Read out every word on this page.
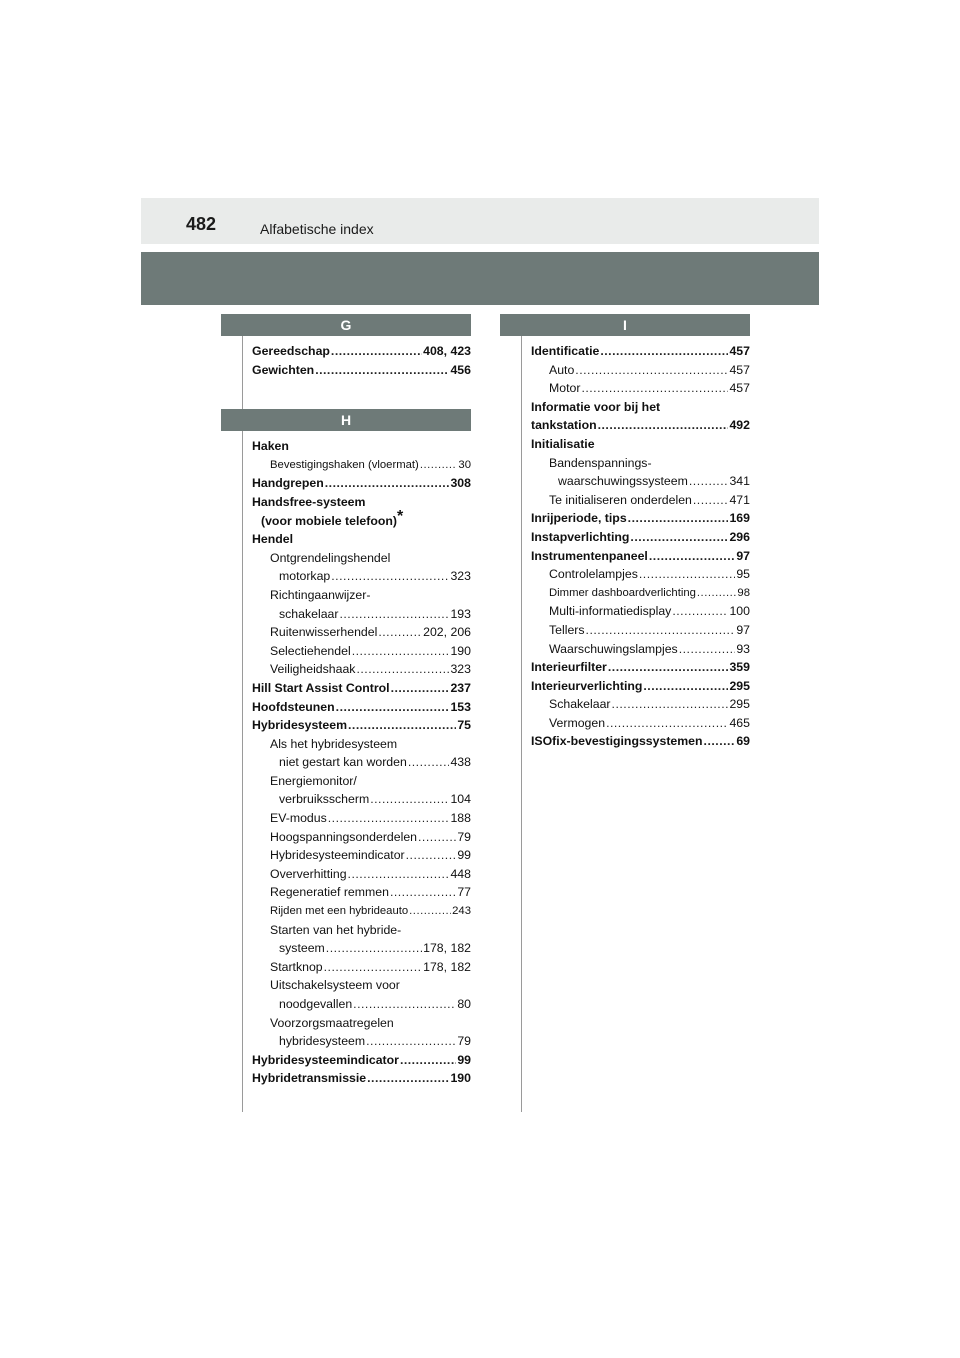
482	Alfabetische index
G
Gereedschap .....	408, 423
Gewichten .....	456
H
Haken
Bevestigingshaken (vloermat) .....	30
Handgrepen .....	308
Handsfree-systeem
(voor mobiele telefoon)*
Hendel
Ontgrendelingshendel
motorkap .....	323
Richtingaanwijzer-
schakelaar .....	193
Ruitenwisserhendel .....	202, 206
Selectiehendel .....	190
Veiligheidshaak .....	323
Hill Start Assist Control .....	237
Hoofdsteunen .....	153
Hybridesysteem .....	75
Als het hybridesysteem
niet gestart kan worden .....	438
Energiemonitor/
verbruiksscherm .....	104
EV-modus .....	188
Hoogspanningsonderdelen .....	79
Hybridesysteemindicator .....	99
Oververhitting .....	448
Regeneratief remmen .....	77
Rijden met een hybrideauto .....	243
Starten van het hybride-
systeem .....	178, 182
Startknop .....	178, 182
Uitschakelsysteem voor
noodgevallen .....	80
Voorzorgsmaatregelen
hybridesysteem .....	79
Hybridesysteemindicator .....	99
Hybridetransmissie .....	190
I
Identificatie .....	457
Auto .....	457
Motor .....	457
Informatie voor bij het
tankstation .....	492
Initialisatie
Bandenspannings-
waarschuwingssysteem .....	341
Te initialiseren onderdelen .....	471
Inrijperiode, tips .....	169
Instapverlichting .....	296
Instrumentenpaneel .....	97
Controlelampjes .....	95
Dimmer dashboardverlichting .....	98
Multi-informatiedisplay .....	100
Tellers .....	97
Waarschuwingslampjes .....	93
Interieurfilter .....	359
Interieurverlichting .....	295
Schakelaar .....	295
Vermogen .....	465
ISOfix-bevestigingssystemen .....	69
